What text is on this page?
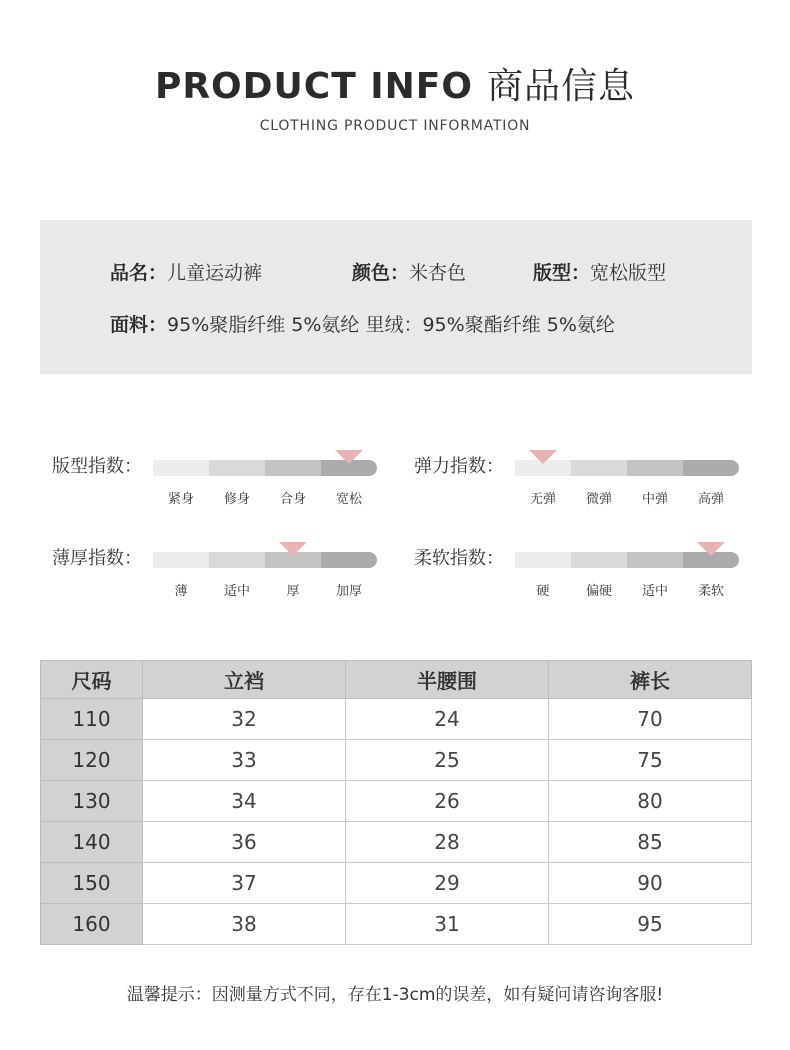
PRODUCT INFO 商品信息
CLOTHING PRODUCT INFORMATION
品名：儿童运动裤	颜色：米杏色	版型：宽松版型
面料：95%聚脂纤维 5%氨纶 里绒：95%聚酯纤维 5%氨纶
版型指数：
紧身	修身	合身	宽松
弹力指数：
无弹	微弹	中弹	高弹
薄厚指数：
薄	适中	厚	加厚
柔软指数：
硬	偏硬	适中	柔软
尺码	立裆	半腰围	裤长
110	32	24	70
120	33	25	75
130	34	26	80
140	36	28	85
150	37	29	90
160	38	31	95
温馨提示：因测量方式不同，存在1-3cm的误差，如有疑问请咨询客服!
